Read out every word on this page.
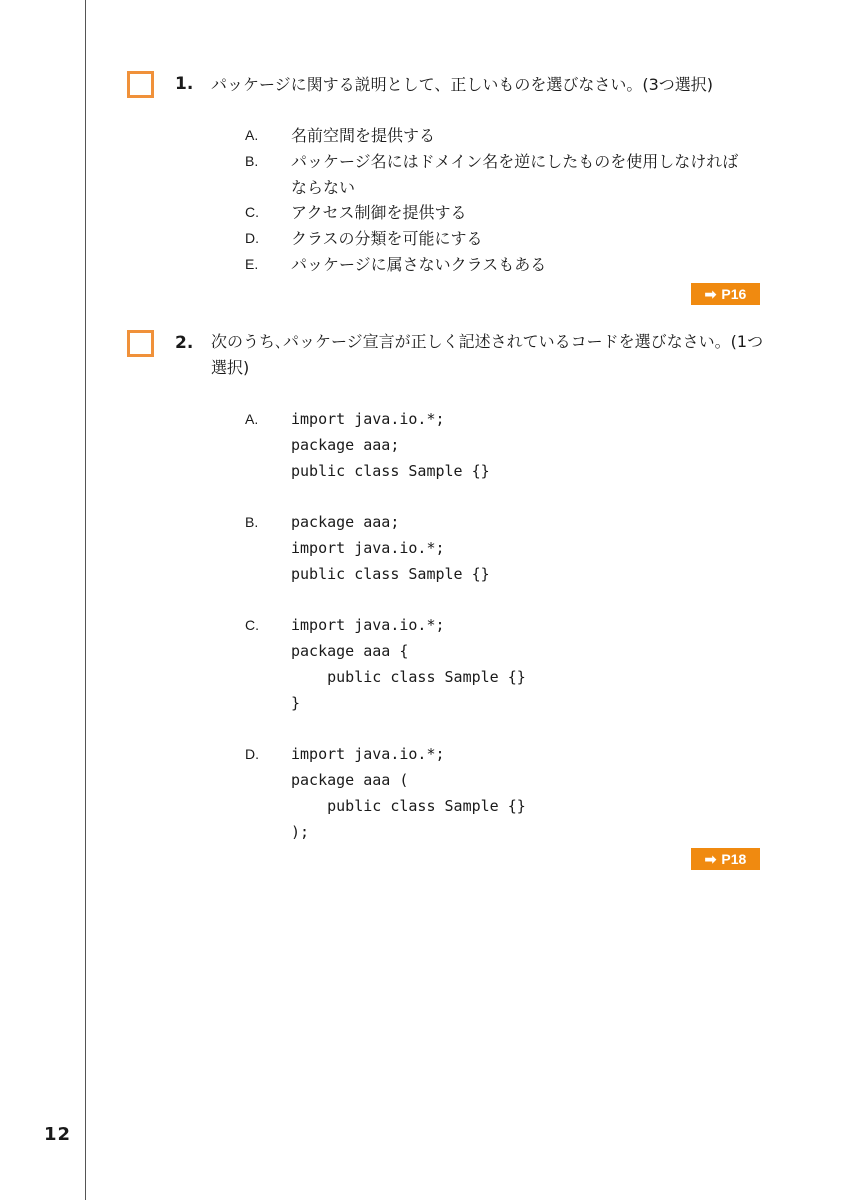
12
1. パッケージに関する説明として、正しいものを選びなさい。(3つ選択)
A.	名前空間を提供する
B.	パッケージ名にはドメイン名を逆にしたものを使用しなければならない
C.	アクセス制御を提供する
D.	クラスの分類を可能にする
E.	パッケージに属さないクラスもある
➡ P16
2. 次のうち､パッケージ宣言が正しく記述されているコードを選びなさい。(1つ選択)
A.	import java.io.*;
package aaa;
public class Sample {}
B.	package aaa;
import java.io.*;
public class Sample {}
C.	import java.io.*;
package aaa {
public class Sample {}
}
D.	import java.io.*;
package aaa (
public class Sample {}
);
➡ P18
